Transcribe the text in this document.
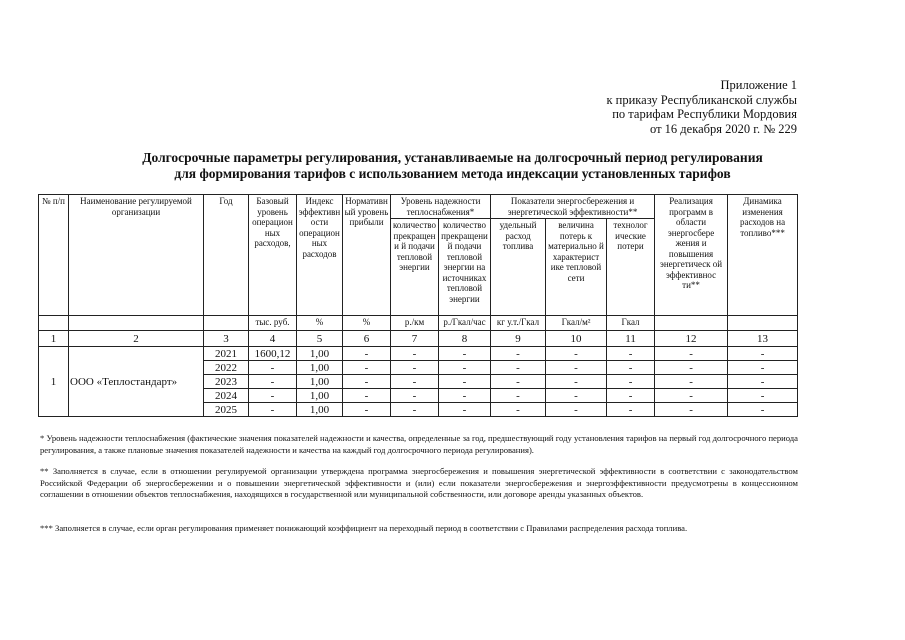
Приложение 1
к приказу Республиканской службы
по тарифам Республики Мордовия
от 16 декабря 2020 г. № 229
Долгосрочные параметры регулирования, устанавливаемые на долгосрочный период регулирования
для формирования тарифов с использованием метода индексации установленных тарифов
№ п/п	Наименование регулируемой организации	Год	Базовый уровень операцион ных расходов,	Индекс эффективн ости операцион ных расходов	Нормативн ый уровень прибыли	Уровень надежности теплоснабжения*		Показатели энергосбережения и энергетической эффективности**			Реализация программ в области энергосбере жения и повышения энергетическ ой эффективнос ти**	Динамика изменения расходов на топливо***
						количество прекращени й подачи тепловой энергии	количество прекращени й подачи тепловой энергии на источниках тепловой энергии	удельный расход топлива	величина потерь к материально й характерист ике тепловой сети	технолог ические потери		
			тыс. руб.	%	%	р./км	р./Гкал/час	кг у.т./Гкал	Гкал/м²	Гкал		
1	2	3	4	5	6	7	8	9	10	11	12	13
1	ООО «Теплостандарт»	2021	1600,12	1,00	-	-	-	-	-	-	-	-
		2022	-	1,00	-	-	-	-	-	-	-	-
		2023	-	1,00	-	-	-	-	-	-	-	-
		2024	-	1,00	-	-	-	-	-	-	-	-
		2025	-	1,00	-	-	-	-	-	-	-	-
* Уровень надежности теплоснабжения (фактические значения показателей надежности и качества, определенные за год, предшествующий году установления тарифов на первый год долгосрочного периода регулирования, а также плановые значения показателей надежности и качества на каждый год долгосрочного периода регулирования).
** Заполняется в случае, если в отношении регулируемой организации утверждена программа энергосбережения и повышения энергетической эффективности в соответствии с законодательством Российской Федерации об энергосбережении и о повышении энергетической эффективности и (или) если показатели энергосбережения и энергоэффективности предусмотрены в концессионном соглашении в отношении объектов теплоснабжения, находящихся в государственной или муниципальной собственности, или договоре аренды указанных объектов.
*** Заполняется в случае, если орган регулирования применяет понижающий коэффициент на переходный период в соответствии с Правилами распределения расхода топлива.
